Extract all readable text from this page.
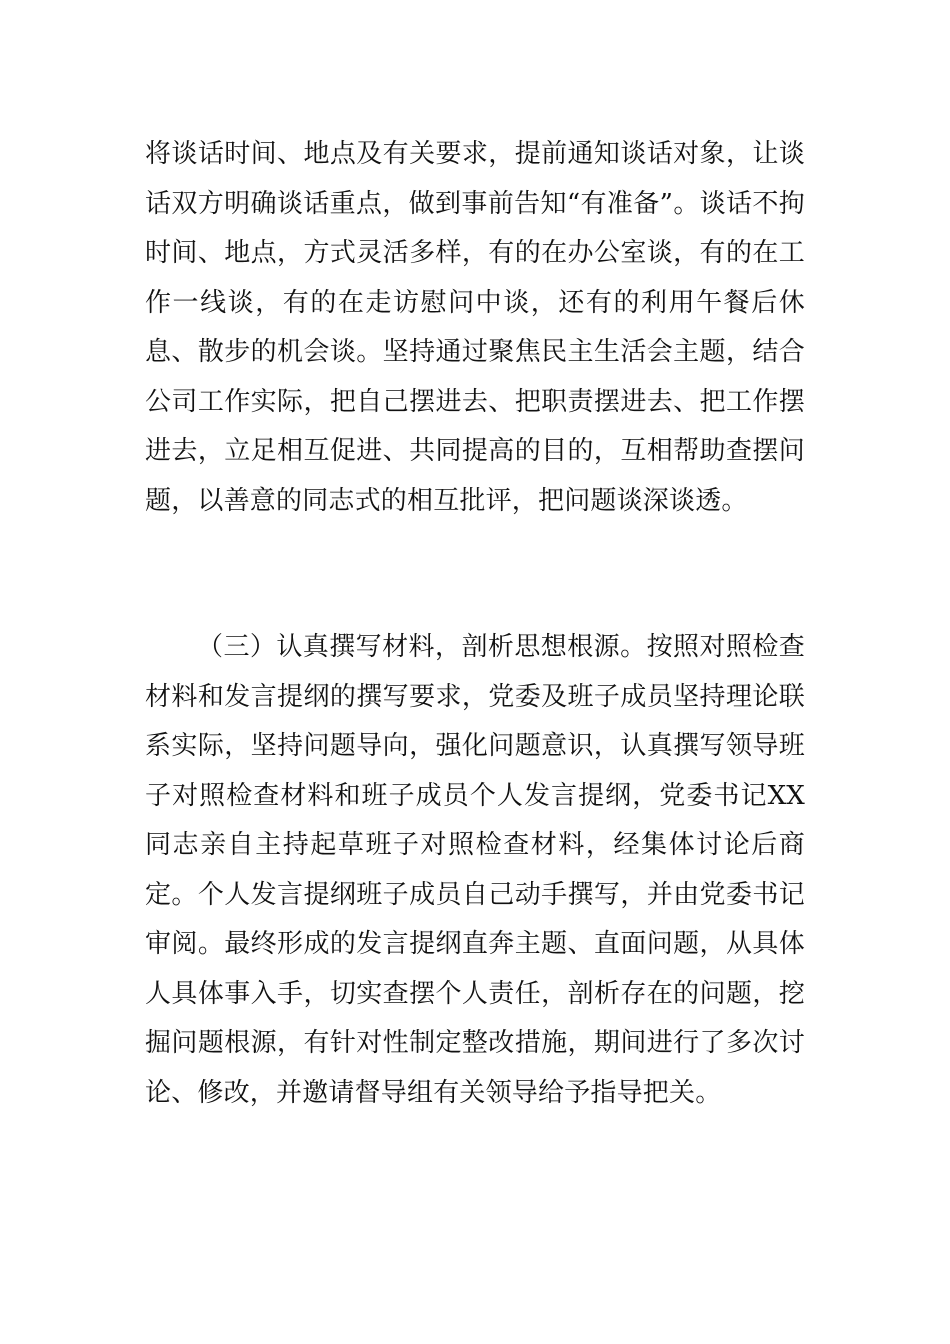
将谈话时间、地点及有关要求，提前通知谈话对象，让谈话双方明确谈话重点，做到事前告知“有准备”。谈话不拘时间、地点，方式灵活多样，有的在办公室谈，有的在工作一线谈，有的在走访慰问中谈，还有的利用午餐后休息、散步的机会谈。坚持通过聚焦民主生活会主题，结合公司工作实际，把自己摆进去、把职责摆进去、把工作摆进去，立足相互促进、共同提高的目的，互相帮助查摆问题，以善意的同志式的相互批评，把问题谈深谈透。

（三）认真撰写材料，剖析思想根源。按照对照检查材料和发言提纲的撰写要求，党委及班子成员坚持理论联系实际，坚持问题导向，强化问题意识，认真撰写领导班子对照检查材料和班子成员个人发言提纲，党委书记XX同志亲自主持起草班子对照检查材料，经集体讨论后商定。个人发言提纲班子成员自己动手撰写，并由党委书记审阅。最终形成的发言提纲直奔主题、直面问题，从具体人具体事入手，切实查摆个人责任，剖析存在的问题，挖掘问题根源，有针对性制定整改措施，期间进行了多次讨论、修改，并邀请督导组有关领导给予指导把关。
